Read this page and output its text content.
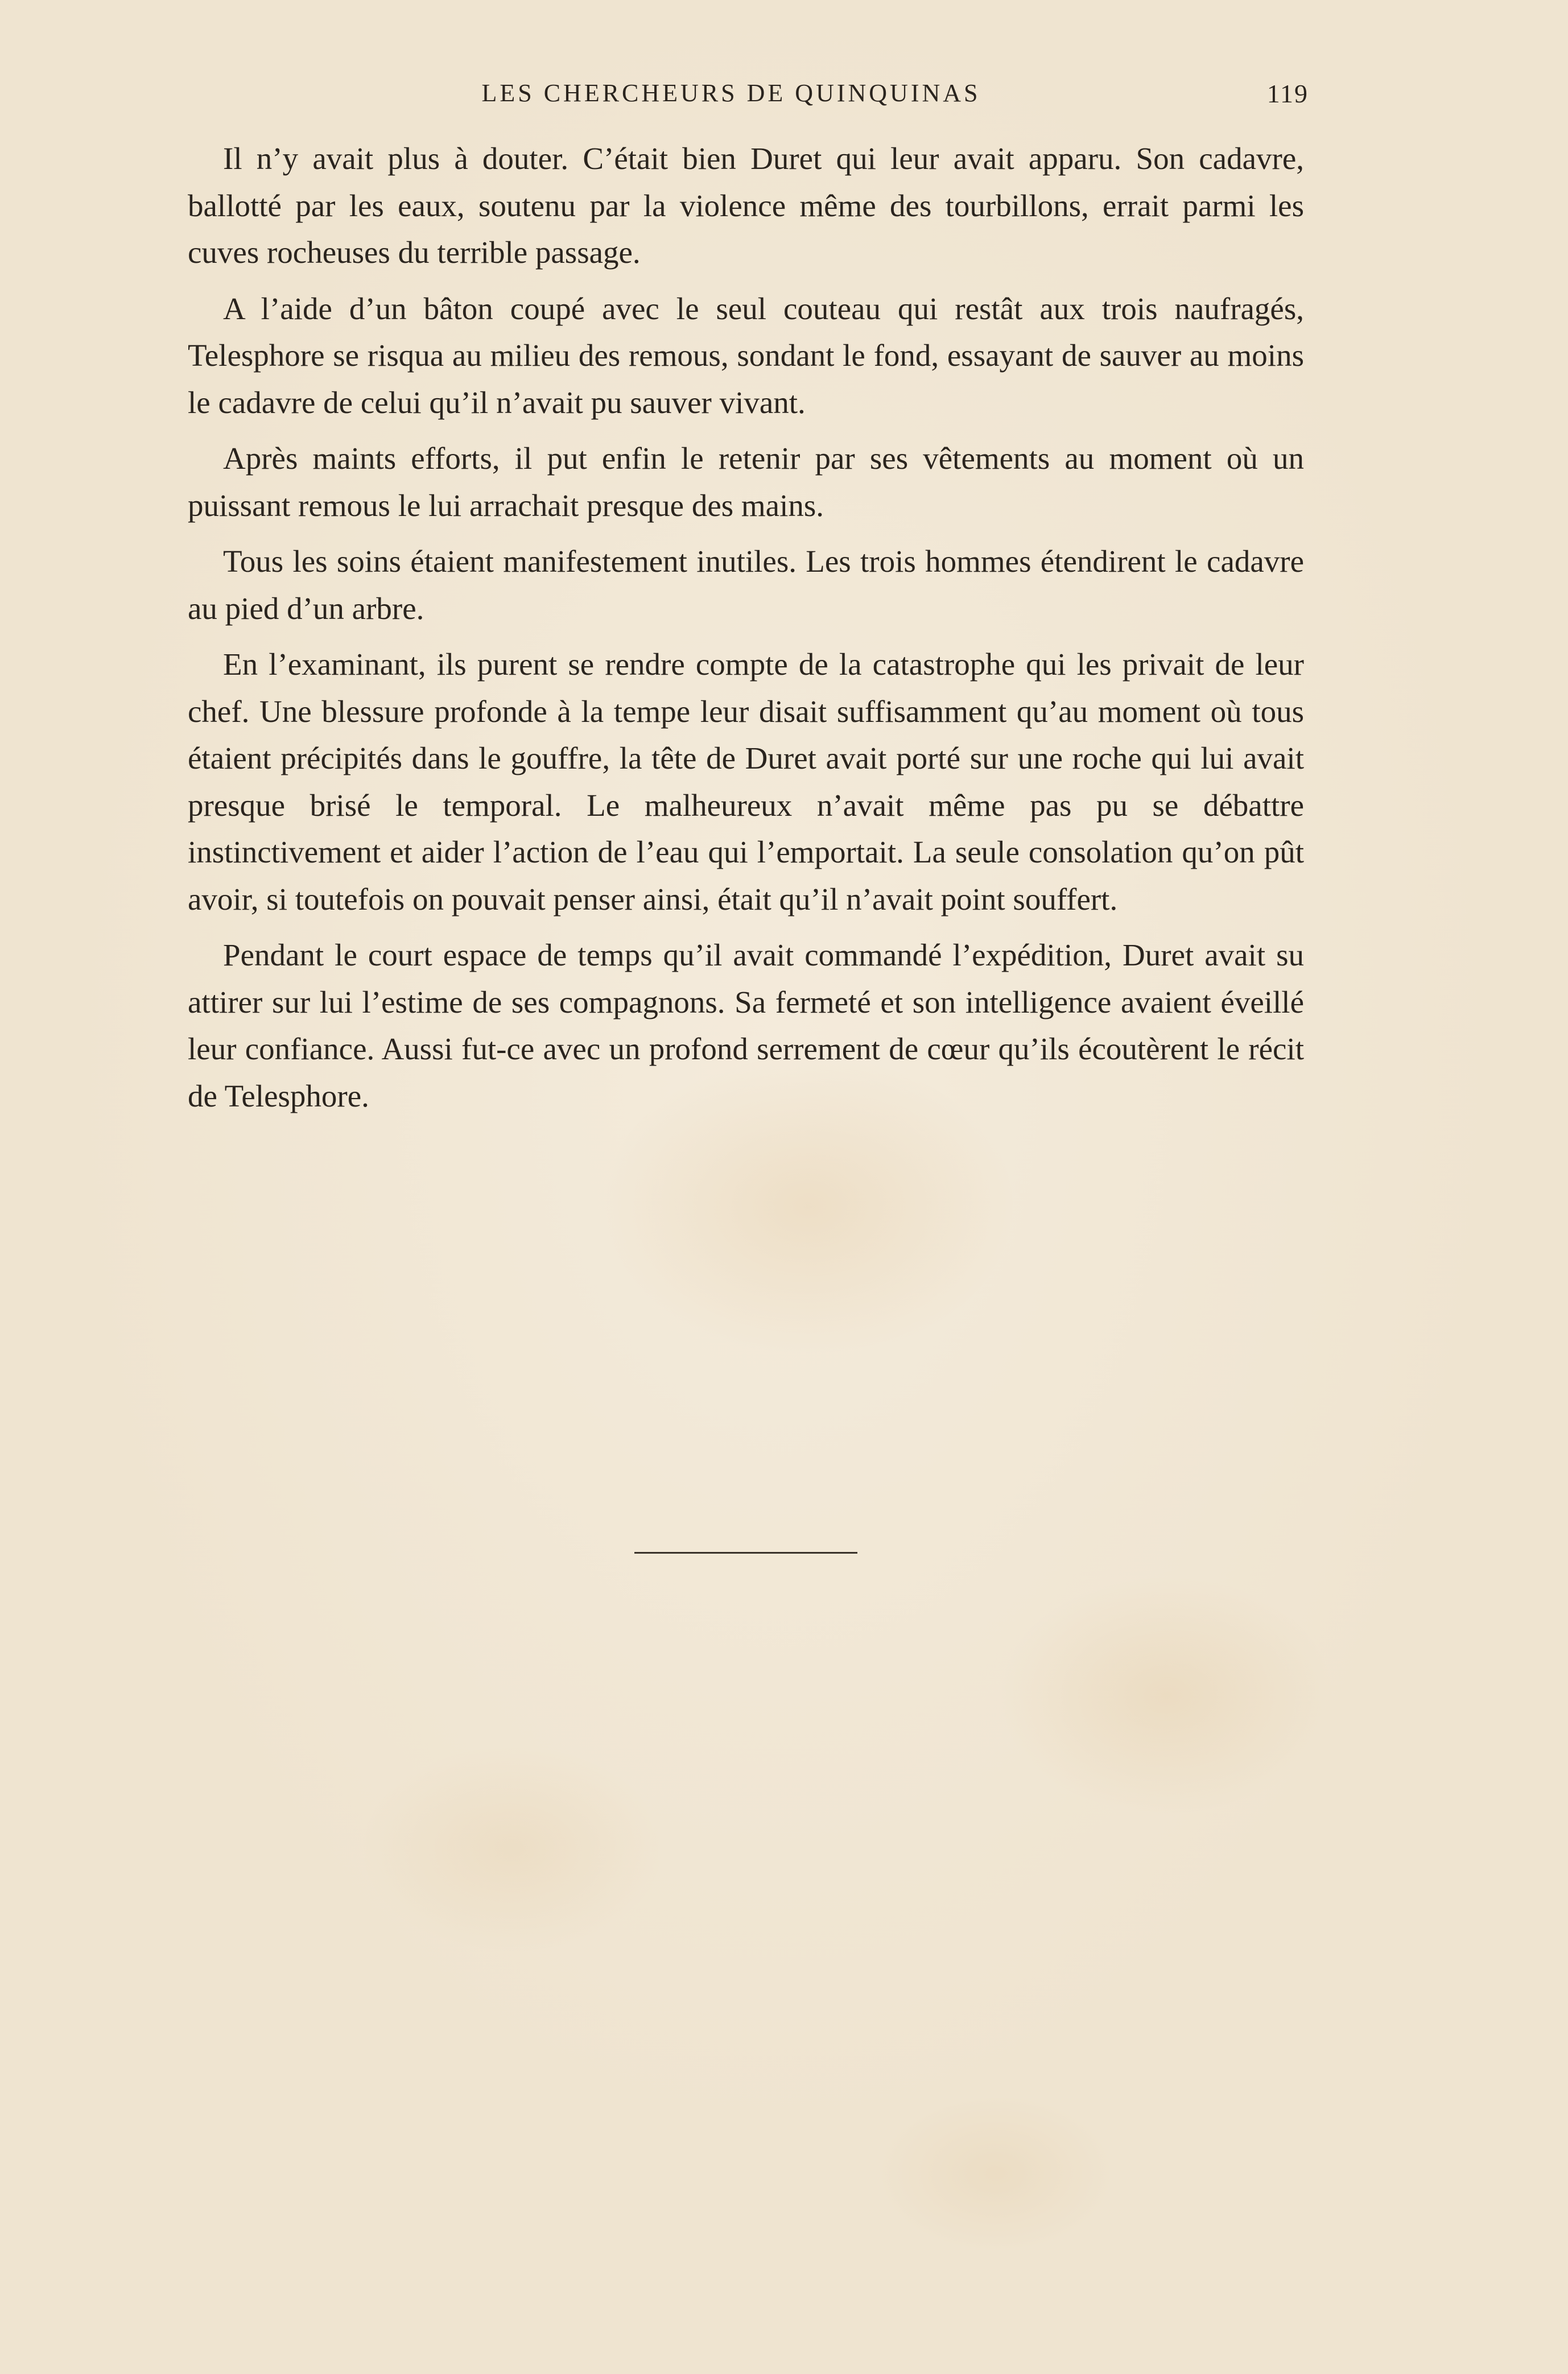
LES CHERCHEURS DE QUINQUINAS	119

Il n’y avait plus à douter. C’était bien Duret qui leur avait apparu. Son cadavre, ballotté par les eaux, soutenu par la violence même des tourbillons, errait parmi les cuves rocheuses du terrible passage.

A l’aide d’un bâton coupé avec le seul couteau qui restât aux trois naufragés, Telesphore se risqua au milieu des remous, sondant le fond, essayant de sauver au moins le cadavre de celui qu’il n’avait pu sauver vivant.

Après maints efforts, il put enfin le retenir par ses vêtements au moment où un puissant remous le lui arrachait presque des mains.

Tous les soins étaient manifestement inutiles. Les trois hommes étendirent le cadavre au pied d’un arbre.

En l’examinant, ils purent se rendre compte de la catastrophe qui les privait de leur chef. Une blessure profonde à la tempe leur disait suffisamment qu’au moment où tous étaient précipités dans le gouffre, la tête de Duret avait porté sur une roche qui lui avait presque brisé le temporal. Le malheureux n’avait même pas pu se débattre instinctivement et aider l’action de l’eau qui l’emportait. La seule consolation qu’on pût avoir, si toutefois on pouvait penser ainsi, était qu’il n’avait point souffert.

Pendant le court espace de temps qu’il avait commandé l’expédition, Duret avait su attirer sur lui l’estime de ses compagnons. Sa fermeté et son intelligence avaient éveillé leur confiance. Aussi fut-ce avec un profond serrement de cœur qu’ils écoutèrent le récit de Telesphore.
